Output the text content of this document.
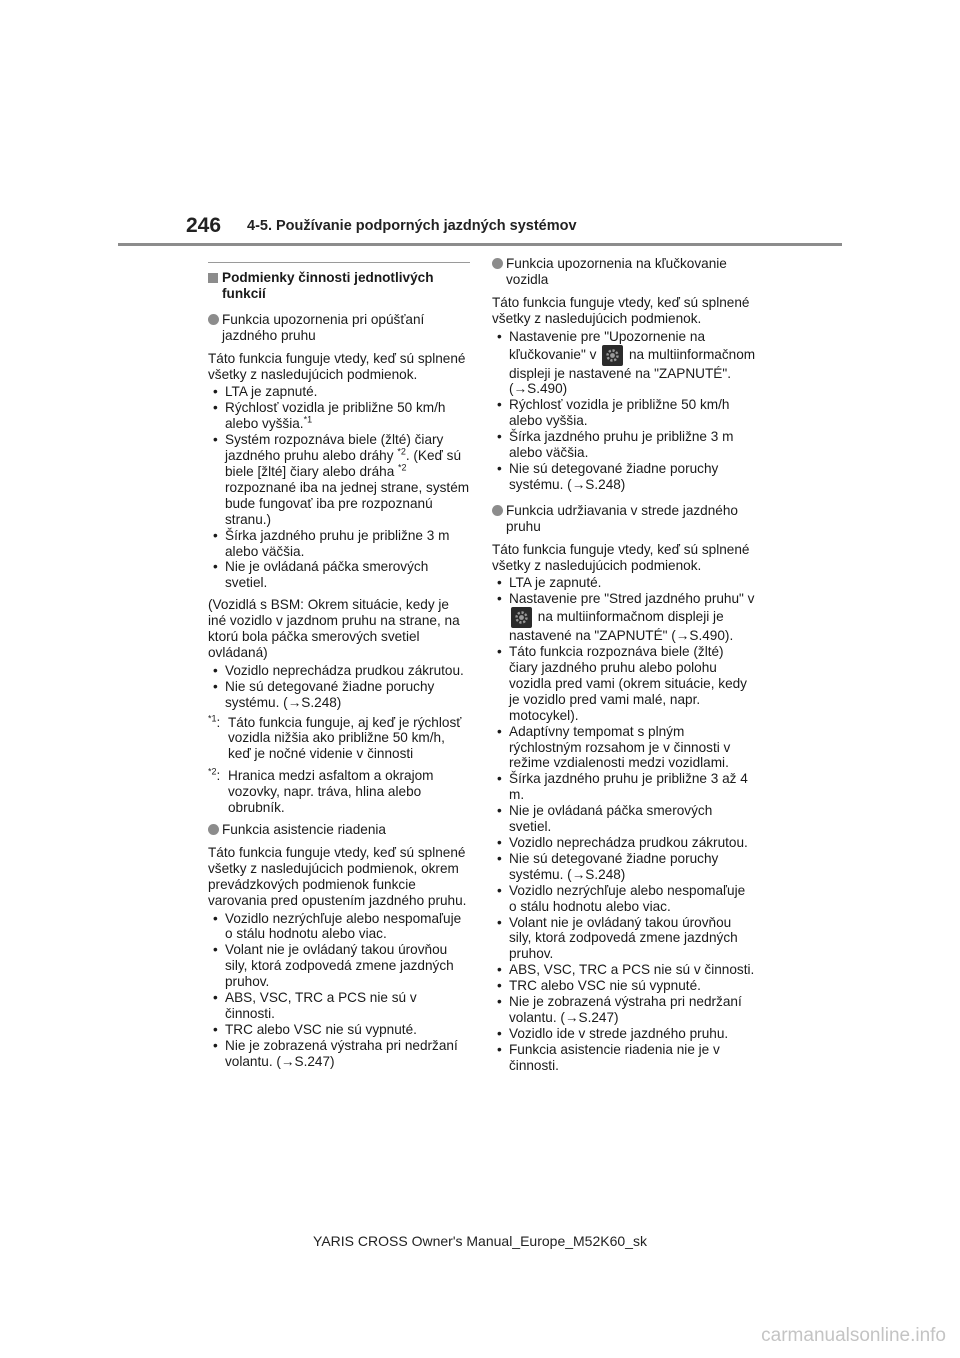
246 4-5. Používanie podporných jazdných systémov
Podmienky činnosti jednotlivých funkcií
Funkcia upozornenia pri opúšťaní jazdného pruhu
Táto funkcia funguje vtedy, keď sú splnené všetky z nasledujúcich podmienok.
• LTA je zapnuté.
• Rýchlosť vozidla je približne 50 km/h alebo vyššia.$^{*1}$
• Systém rozpoznáva biele (žlté) čiary jazdného pruhu alebo dráhy $^{*2}$. (Keď sú biele [žlté] čiary alebo dráha $^{*2}$ rozpoznané iba na jednej strane, systém bude fungovať iba pre rozpoznanú stranu.)
• Šírka jazdného pruhu je približne 3 m alebo väčšia.
• Nie je ovládaná páčka smerových svetiel.
(Vozidlá s BSM: Okrem situácie, kedy je iné vozidlo v jazdnom pruhu na strane, na ktorú bola páčka smerových svetiel ovládaná)
• Vozidlo neprechádza prudkou zákrutou.
• Nie sú detegované žiadne poruchy systému. (→S.248)
$^{*1}$: Táto funkcia funguje, aj keď je rýchlosť vozidla nižšia ako približne 50 km/h, keď je nočné videnie v činnosti
$^{*2}$: Hranica medzi asfaltom a okrajom vozovky, napr. tráva, hlina alebo obrubník.
Funkcia asistencie riadenia
Táto funkcia funguje vtedy, keď sú splnené všetky z nasledujúcich podmienok, okrem prevádzkových podmienok funkcie varovania pred opustením jazdného pruhu.
• Vozidlo nezrýchľuje alebo nespomaľuje o stálu hodnotu alebo viac.
• Volant nie je ovládaný takou úrovňou sily, ktorá zodpovedá zmene jazdných pruhov.
• ABS, VSC, TRC a PCS nie sú v činnosti.
• TRC alebo VSC nie sú vypnuté.
• Nie je zobrazená výstraha pri nedržaní volantu. (→S.247)
Funkcia upozornenia na kľučkovanie vozidla
Táto funkcia funguje vtedy, keď sú splnené všetky z nasledujúcich podmienok.
• Nastavenie pre "Upozornenie na kľučkovanie" v na multiinformačnom displeji je nastavené na "ZAPNUTÉ". (→S.490)
• Rýchlosť vozidla je približne 50 km/h alebo vyššia.
• Šírka jazdného pruhu je približne 3 m alebo väčšia.
• Nie sú detegované žiadne poruchy systému. (→S.248)
Funkcia udržiavania v strede jazdného pruhu
Táto funkcia funguje vtedy, keď sú splnené všetky z nasledujúcich podmienok.
• LTA je zapnuté.
• Nastavenie pre "Stred jazdného pruhu" v
na multiinformačnom displeji je nastavené na "ZAPNUTÉ" (→S.490).
• Táto funkcia rozpoznáva biele (žlté) čiary jazdného pruhu alebo polohu vozidla pred vami (okrem situácie, kedy je vozidlo pred vami malé, napr. motocykel).
• Adaptívny tempomat s plným rýchlostným rozsahom je v činnosti v režime vzdialenosti medzi vozidlami.
• Šírka jazdného pruhu je približne 3 až 4 m.
• Nie je ovládaná páčka smerových svetiel.
• Vozidlo neprechádza prudkou zákrutou.
• Nie sú detegované žiadne poruchy systému. (→S.248)
• Vozidlo nezrýchľuje alebo nespomaľuje o stálu hodnotu alebo viac.
• Volant nie je ovládaný takou úrovňou sily, ktorá zodpovedá zmene jazdných pruhov.
• ABS, VSC, TRC a PCS nie sú v činnosti.
• TRC alebo VSC nie sú vypnuté.
• Nie je zobrazená výstraha pri nedržaní volantu. (→S.247)
• Vozidlo ide v strede jazdného pruhu.
• Funkcia asistencie riadenia nie je v činnosti.
YARIS CROSS Owner's Manual_Europe_M52K60_sk
carmanualsonline.info
